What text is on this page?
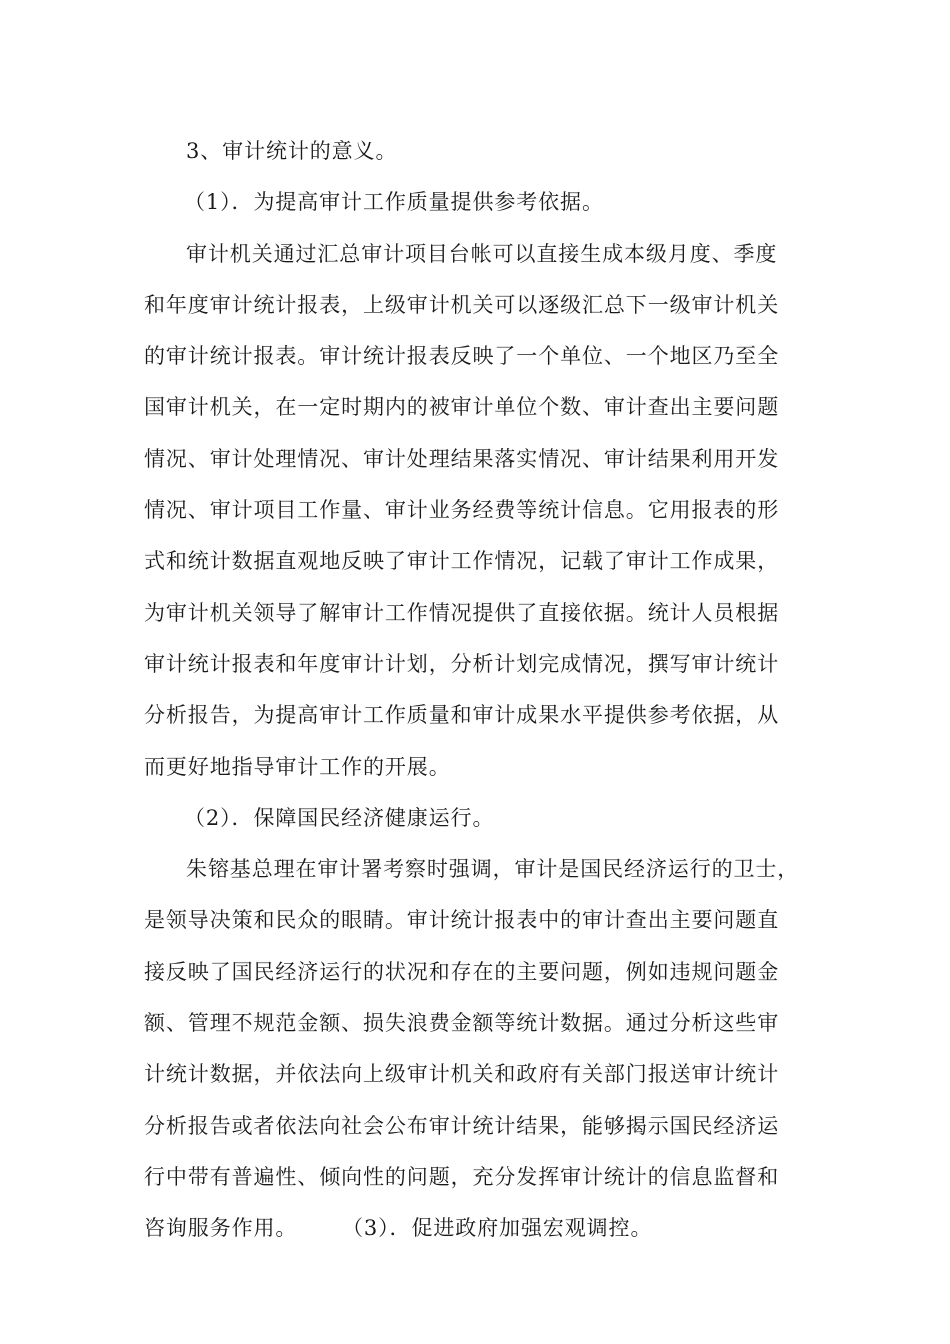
3、审计统计的意义。
（1）．为提高审计工作质量提供参考依据。
审计机关通过汇总审计项目台帐可以直接生成本级月度、季度
和年度审计统计报表，上级审计机关可以逐级汇总下一级审计机关
的审计统计报表。审计统计报表反映了一个单位、一个地区乃至全
国审计机关，在一定时期内的被审计单位个数、审计查出主要问题
情况、审计处理情况、审计处理结果落实情况、审计结果利用开发
情况、审计项目工作量、审计业务经费等统计信息。它用报表的形
式和统计数据直观地反映了审计工作情况，记载了审计工作成果，
为审计机关领导了解审计工作情况提供了直接依据。统计人员根据
审计统计报表和年度审计计划，分析计划完成情况，撰写审计统计
分析报告，为提高审计工作质量和审计成果水平提供参考依据，从
而更好地指导审计工作的开展。
（2）．保障国民经济健康运行。
朱镕基总理在审计署考察时强调，审计是国民经济运行的卫士，
是领导决策和民众的眼睛。审计统计报表中的审计查出主要问题直
接反映了国民经济运行的状况和存在的主要问题，例如违规问题金
额、管理不规范金额、损失浪费金额等统计数据。通过分析这些审
计统计数据，并依法向上级审计机关和政府有关部门报送审计统计
分析报告或者依法向社会公布审计统计结果，能够揭示国民经济运
行中带有普遍性、倾向性的问题，充分发挥审计统计的信息监督和
咨询服务作用。　　　（3）．促进政府加强宏观调控。
